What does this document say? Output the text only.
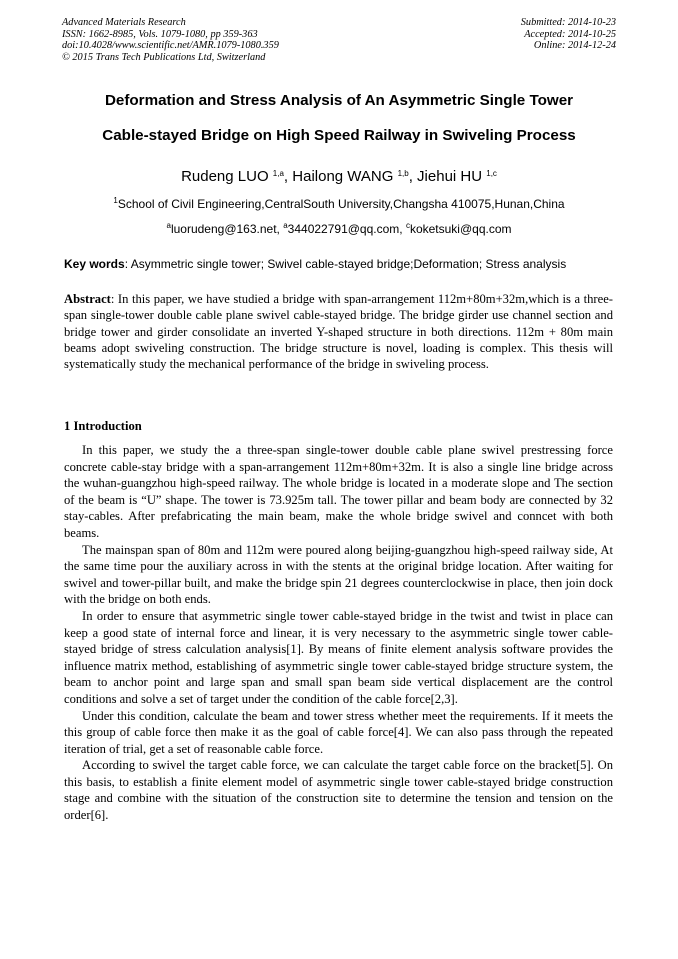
Advanced Materials Research
ISSN: 1662-8985, Vols. 1079-1080, pp 359-363
doi:10.4028/www.scientific.net/AMR.1079-1080.359
© 2015 Trans Tech Publications Ltd, Switzerland
Submitted: 2014-10-23
Accepted: 2014-10-25
Online: 2014-12-24
Deformation and Stress Analysis of An Asymmetric Single Tower
Cable-stayed Bridge on High Speed Railway in Swiveling Process
Rudeng LUO $^{1,a}$, Hailong WANG $^{1,b}$, Jiehui HU $^{1,c}$
$^1$School of Civil Engineering,CentralSouth University,Changsha 410075,Hunan,China
$^a$luorudeng@163.net, $^a$344022791@qq.com, $^c$koketsuki@qq.com
Key words: Asymmetric single tower; Swivel cable-stayed bridge;Deformation; Stress analysis
Abstract: In this paper, we have studied a bridge with span-arrangement 112m+80m+32m,which is a three-span single-tower double cable plane swivel cable-stayed bridge. The bridge girder use channel section and bridge tower and girder consolidate an inverted Y-shaped structure in both directions. 112m + 80m main beams adopt swiveling construction. The bridge structure is novel, loading is complex. This thesis will systematically study the mechanical performance of the bridge in swiveling process.
1 Introduction

In this paper, we study the a three-span single-tower double cable plane swivel prestressing force concrete cable-stay bridge with a span-arrangement 112m+80m+32m. It is also a single line bridge across the wuhan-guangzhou high-speed railway. The whole bridge is located in a moderate slope and The section of the beam is “U” shape. The tower is 73.925m tall. The tower pillar and beam body are connected by 32 stay-cables. After prefabricating the main beam, make the whole bridge swivel and conncet with both beams.

The mainspan span of 80m and 112m were poured along beijing-guangzhou high-speed railway side, At the same time pour the auxiliary across in with the stents at the original bridge location. After waiting for swivel and tower-pillar built, and make the bridge spin 21 degrees counterclockwise in place, then join dock with the bridge on both ends.

In order to ensure that asymmetric single tower cable-stayed bridge in the twist and twist in place can keep a good state of internal force and linear, it is very necessary to the asymmetric single tower cable-stayed bridge of stress calculation analysis[1]. By means of finite element analysis software provides the influence matrix method, establishing of asymmetric single tower cable-stayed bridge structure system, the beam to anchor point and large span and small span beam side vertical displacement are the control conditions and solve a set of target under the condition of the cable force[2,3].

Under this condition, calculate the beam and tower stress whether meet the requirements. If it meets the this group of cable force then make it as the goal of cable force[4]. We can also pass through the repeated iteration of trial, get a set of reasonable cable force.

According to swivel the target cable force, we can calculate the target cable force on the bracket[5]. On this basis, to establish a finite element model of asymmetric single tower cable-stayed bridge construction stage and combine with the situation of the construction site to determine the tension and tension on the order[6].
